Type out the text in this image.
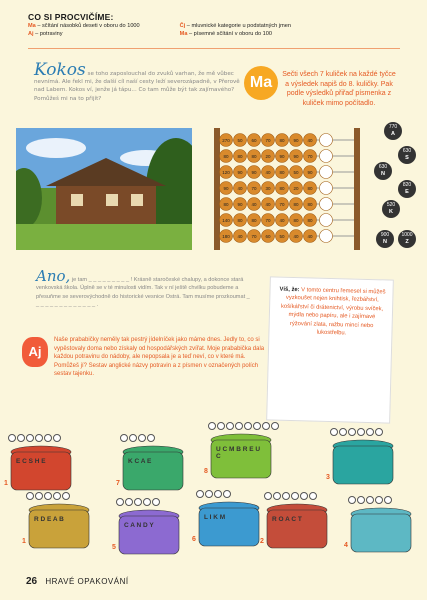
CO SI PROCVIČÍME:
Ma – sčítání násobků deseti v oboru do 1000
Aj – potraviny
Čj – mluvnické kategorie u podstatných jmen
Ma – písemné sčítání v oboru do 100
Kokos se toho zaposlouchal do zvuků varhan, že mě vůbec nevnímá. Ale řekl mi, že další cíl naší cesty leží severozápadně, v Přerově nad Labem. Kokos ví, jenže já tápu... Co tam může být tak zajímavého? Pomůžeš mi na to přijít?
Ma	Sečti všech 7 kuliček na každé tyčce a výsledek napiš do 8. kuličky. Pak podle výsledků přiřaď písmenka z kuliček mimo počítadlo.
270 50 60 70 80 90 40
80 80 80 20 90 90 70
120 90 90 40 80 50 90
90 40 70 30 80 20 80
80 90 40 40 70 80 80
140 80 80 70 40 80 80
180 40 70 60 50 40 40
770
A
630
S
630
N
820
E
520
K
900
N
1000
Z
Ano, je tam _ _ _ _ _ _ _ _ _ ! Krásně staročeské chalupy, a dokonce stará venkovská škola. Úplně se v té minulosti vidím. Tak v ní ještě chvilku pobudeme a přesuňme se severovýchodně do historické vesnice Ostrá. Tam musíme prozkoumat _ _ _ _ _ _ _ _ _ _ _ _ _ _ .
Víš, že: V tomto centru řemesel si můžeš vyzkoušet nejen knihtisk, řezbářství, košíkářství či drátenictví, výrobu svíček, mýdla nebo papíru, ale i zajímavé rýžování zlata, ražbu mincí nebo lukostřelbu.
Aj
Naše prababičky neměly tak pestrý jídelníček jako máme dnes. Jedly to, co si vypěstovaly doma nebo získaly od hospodářských zvířat. Moje prababička dala každou potravinu do nádoby, ale nepopsala je a teď neví, co v které má. Pomůžeš jí? Sestav anglické názvy potravin a z písmen v označených polích sestav tajenku.
E C S H E
1
K C A E
7
U C M B R E U C
8
3
R D E A B
1
C A N D Y
5
L I K M
6
R O A C T
2
4
26 HRAVÉ OPAKOVÁNÍ
